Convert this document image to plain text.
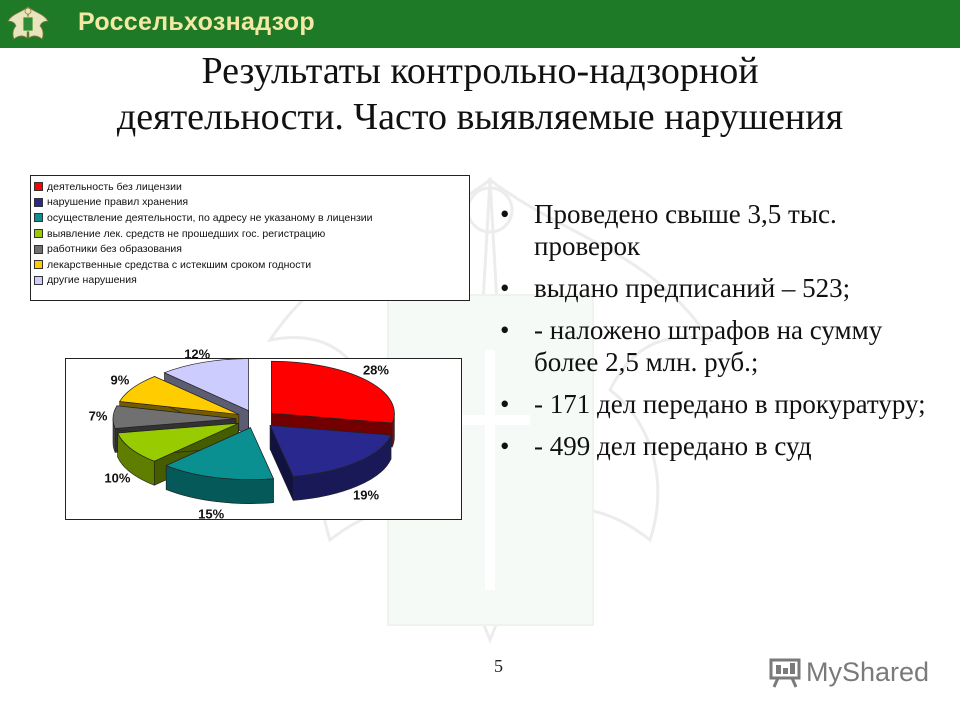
Россельхознадзор
Результаты контрольно-надзорной
деятельности. Часто выявляемые нарушения
деятельность без лицензии
нарушение правил хранения
осуществление деятельности, по адресу не указаному в лицензии
выявление лек. средств не прошедших гос. регистрацию
работники без образования
лекарственные средства с истекшим сроком годности
другие нарушения
• Проведено свыше 3,5 тыс. проверок
• выдано предписаний – 523;
• - наложено штрафов на сумму более 2,5 млн. руб.;
• - 171 дел передано в прокуратуру;
• - 499 дел передано в суд
5	MyShared
28%
19%
15%
10%
7%
9%
12%
